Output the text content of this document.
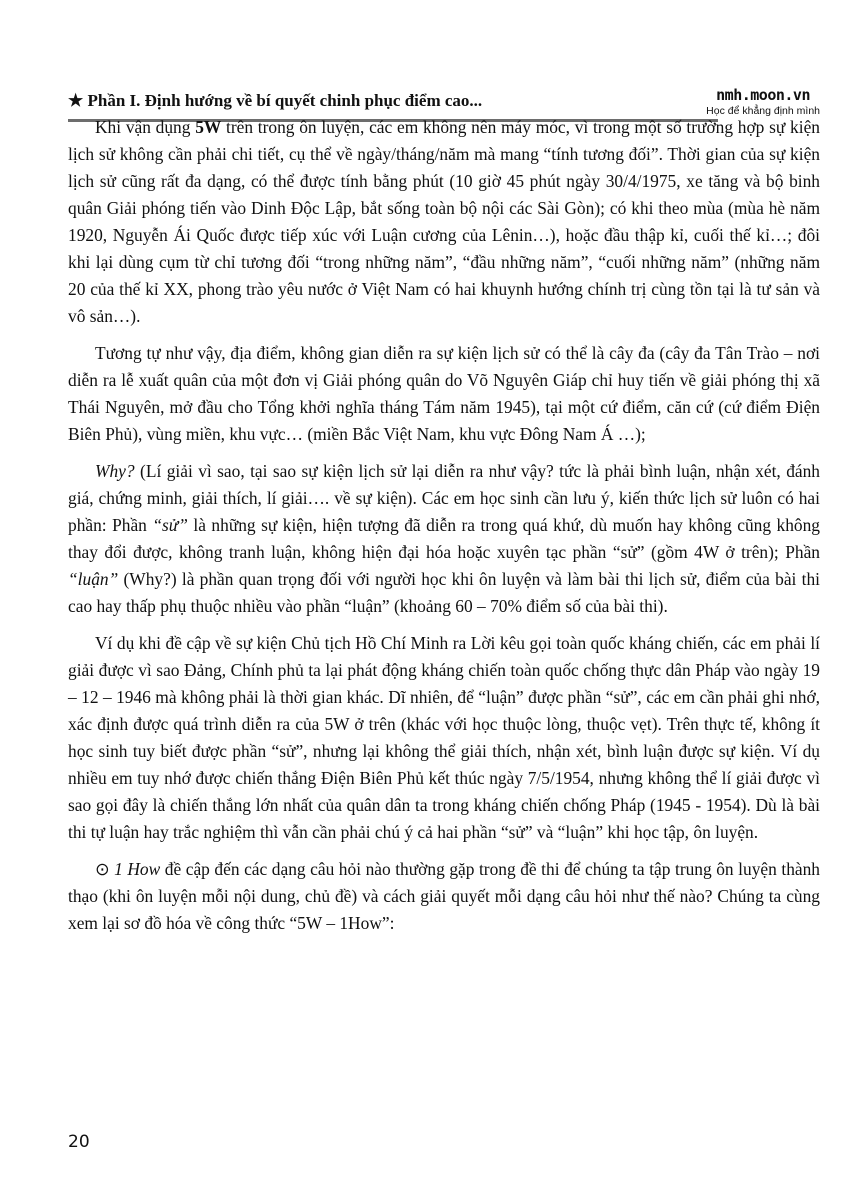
★ Phần I. Định hướng về bí quyết chinh phục điểm cao...	nmh.moon.vn
Học để khẳng định mình

Khi vận dụng 5W trên trong ôn luyện, các em không nên máy móc, vì trong một số trường hợp sự kiện lịch sử không cần phải chi tiết, cụ thể về ngày/tháng/năm mà mang “tính tương đối”. Thời gian của sự kiện lịch sử cũng rất đa dạng, có thể được tính bằng phút (10 giờ 45 phút ngày 30/4/1975, xe tăng và bộ binh quân Giải phóng tiến vào Dinh Độc Lập, bắt sống toàn bộ nội các Sài Gòn); có khi theo mùa (mùa hè năm 1920, Nguyễn Ái Quốc được tiếp xúc với Luận cương của Lênin…), hoặc đầu thập kỉ, cuối thế kỉ…; đôi khi lại dùng cụm từ chỉ tương đối “trong những năm”, “đầu những năm”, “cuối những năm” (những năm 20 của thế kỉ XX, phong trào yêu nước ở Việt Nam có hai khuynh hướng chính trị cùng tồn tại là tư sản và vô sản…).

Tương tự như vậy, địa điểm, không gian diễn ra sự kiện lịch sử có thể là cây đa (cây đa Tân Trào – nơi diễn ra lễ xuất quân của một đơn vị Giải phóng quân do Võ Nguyên Giáp chỉ huy tiến về giải phóng thị xã Thái Nguyên, mở đầu cho Tổng khởi nghĩa tháng Tám năm 1945), tại một cứ điểm, căn cứ (cứ điểm Điện Biên Phủ), vùng miền, khu vực… (miền Bắc Việt Nam, khu vực Đông Nam Á …);

Why? (Lí giải vì sao, tại sao sự kiện lịch sử lại diễn ra như vậy? tức là phải bình luận, nhận xét, đánh giá, chứng minh, giải thích, lí giải…. về sự kiện). Các em học sinh cần lưu ý, kiến thức lịch sử luôn có hai phần: Phần “sử” là những sự kiện, hiện tượng đã diễn ra trong quá khứ, dù muốn hay không cũng không thay đổi được, không tranh luận, không hiện đại hóa hoặc xuyên tạc phần “sử” (gồm 4W ở trên); Phần “luận” (Why?) là phần quan trọng đối với người học khi ôn luyện và làm bài thi lịch sử, điểm của bài thi cao hay thấp phụ thuộc nhiều vào phần “luận” (khoảng 60 – 70% điểm số của bài thi).

Ví dụ khi đề cập về sự kiện Chủ tịch Hồ Chí Minh ra Lời kêu gọi toàn quốc kháng chiến, các em phải lí giải được vì sao Đảng, Chính phủ ta lại phát động kháng chiến toàn quốc chống thực dân Pháp vào ngày 19 – 12 – 1946 mà không phải là thời gian khác. Dĩ nhiên, để “luận” được phần “sử”, các em cần phải ghi nhớ, xác định được quá trình diễn ra của 5W ở trên (khác với học thuộc lòng, thuộc vẹt). Trên thực tế, không ít học sinh tuy biết được phần “sử”, nhưng lại không thể giải thích, nhận xét, bình luận được sự kiện. Ví dụ nhiều em tuy nhớ được chiến thắng Điện Biên Phủ kết thúc ngày 7/5/1954, nhưng không thể lí giải được vì sao gọi đây là chiến thắng lớn nhất của quân dân ta trong kháng chiến chống Pháp (1945 - 1954). Dù là bài thi tự luận hay trắc nghiệm thì vẫn cần phải chú ý cả hai phần “sử” và “luận” khi học tập, ôn luyện.

⊙ 1 How đề cập đến các dạng câu hỏi nào thường gặp trong đề thi để chúng ta tập trung ôn luyện thành thạo (khi ôn luyện mỗi nội dung, chủ đề) và cách giải quyết mỗi dạng câu hỏi như thế nào? Chúng ta cùng xem lại sơ đồ hóa về công thức “5W – 1How”:

20
